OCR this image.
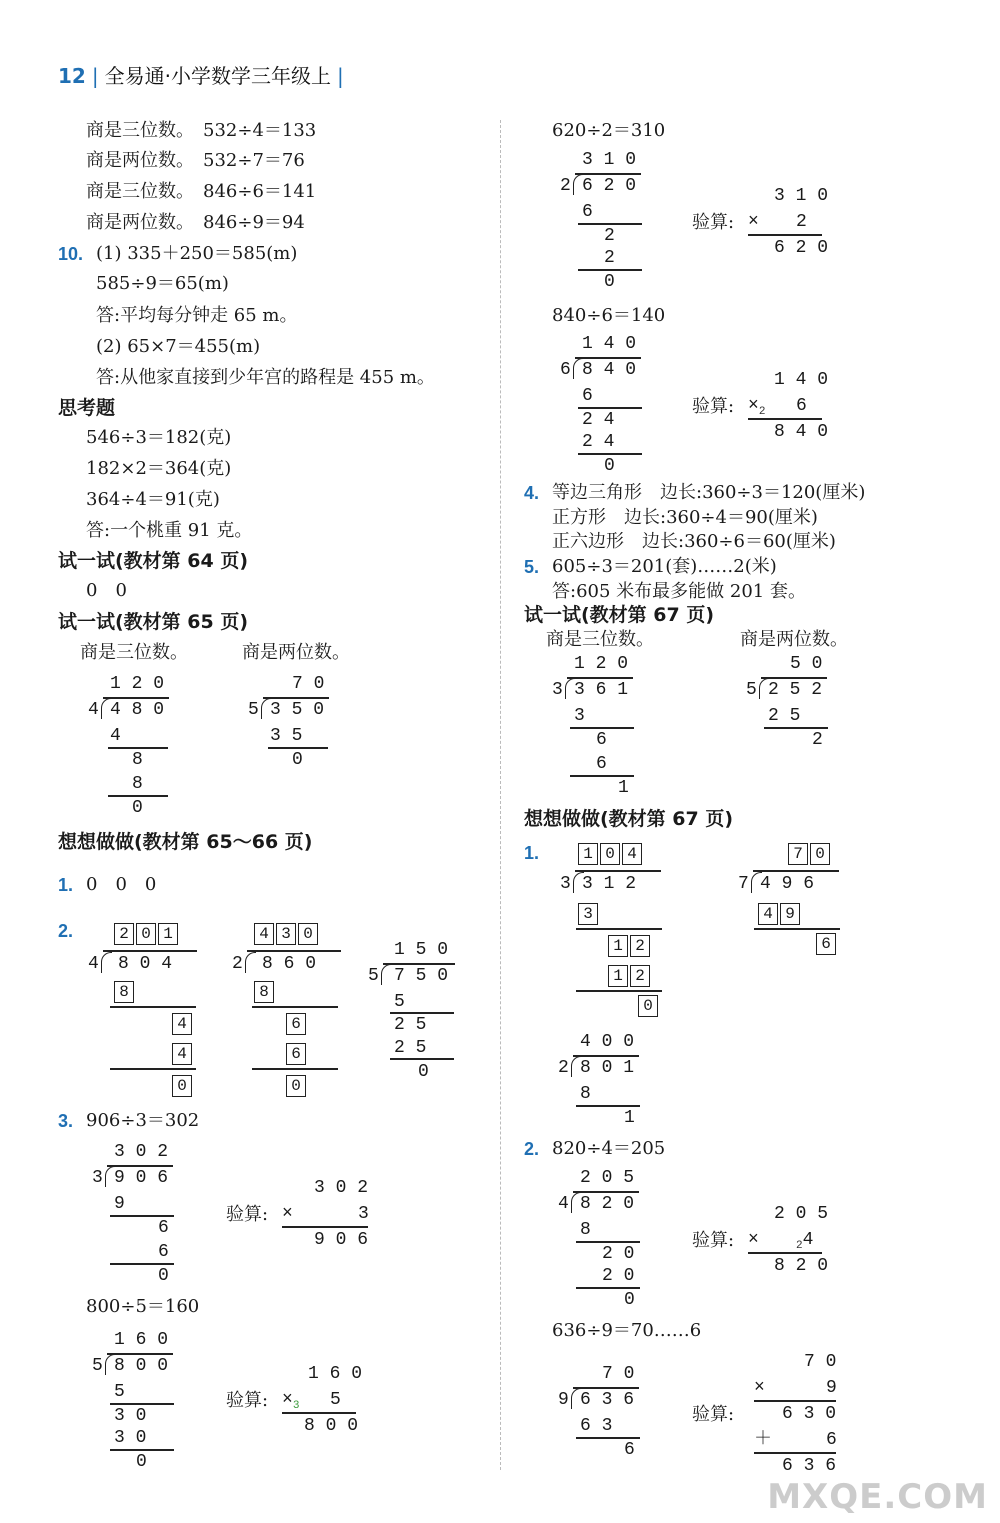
12 | 全易通·小学数学三年级上 |
商是三位数。　 532÷4＝133
商是两位数。　 532÷7＝76
商是三位数。　 846÷6＝141
商是两位数。　 846÷9＝94
10. (1) 335＋250＝585(m)
585÷9＝65(m)
答:平均每分钟走 65 m。
(2) 65×7＝455(m)
答:从他家直接到少年宫的路程是 455 m。
思考题
546÷3＝182(克)
182×2＝364(克)
364÷4＝91(克)
答:一个桃重 91 克。
试一试(教材第 64 页)
0　0
试一试(教材第 65 页)
商是三位数。	商是两位数。
1 2 0
4 4 8 0
4
8
8
0
7 0
5 3 5 0
3 5
0
想想做做(教材第 65～66 页)
1. 0　0　0
2.	2 0 1
4 8 0 4
8
4
4
0
4 3 0
2 8 6 0
8
6
6
0
1 5 0
5 7 5 0
5
2 5
2 5
0
3. 906÷3＝302
3 0 2
3 9 0 6
9
6
6
0
验算:
3 0 2
×	3
9 0 6
800÷5＝160
1 6 0
5 8 0 0
5
3 0
3 0
0
验算:
1 6 0
$\times_3$ 5
8 0 0
620÷2＝310
3 1 0
2 6 2 0
6
2
2
0
验算:
3 1 0
× 2
6 2 0
840÷6＝140
1 4 0
6 8 4 0
6
2 4
2 4
0
验算:
1 4 0
$\times_2$ 6
8 4 0
4. 等边三角形　边长:360÷3＝120(厘米)
正方形　边长:360÷4＝90(厘米)
正六边形　边长:360÷6＝60(厘米)
5. 605÷3＝201(套)……2(米)
答:605 米布最多能做 201 套。
试一试(教材第 67 页)
商是三位数。	商是两位数。
1 2 0
3 3 6 1
3
6
6
1
5 0
5 2 5 2
2 5
2
想想做做(教材第 67 页)
1.	1 0 4
3 3 1 2
3
1 2
1 2
0
7 0
7 4 9 6
4 9
6
4 0 0
2 8 0 1
8
1
2. 820÷4＝205
2 0 5
4 8 2 0
8
2 0
2 0
0
验算:
2 0 5
×	$_2$4
8 2 0
636÷9＝70……6
7 0
9 6 3 6
6 3
6
验算:
7 0
×	9
6 3 0
＋	6
6 3 6
MXQE.COM
